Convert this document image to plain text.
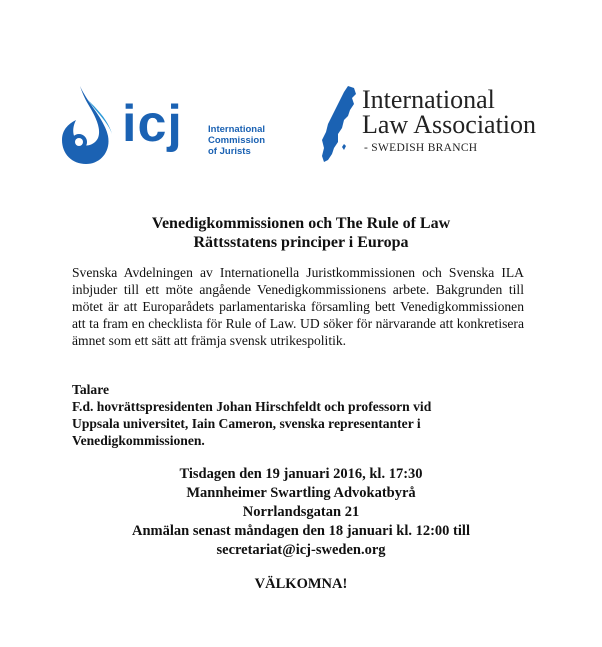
icj	International
Commission
of Jurists
International
Law Association
- SWEDISH BRANCH
Venedigkommissionen och The Rule of Law
Rättsstatens principer i Europa
Svenska Avdelningen av Internationella Juristkommissionen och Svenska ILA inbjuder till ett möte angående Venedigkommissionens arbete. Bakgrunden till mötet är att Europarådets parlamentariska församling bett Venedigkommissionen att ta fram en checklista för Rule of Law. UD söker för närvarande att konkretisera ämnet som ett sätt att främja svensk utrikespolitik.
Talare
F.d. hovrättspresidenten Johan Hirschfeldt och professorn vid
Uppsala universitet, Iain Cameron, svenska representanter i
Venedigkommissionen.
Tisdagen den 19 januari 2016, kl. 17:30
Mannheimer Swartling Advokatbyrå
Norrlandsgatan 21
Anmälan senast måndagen den 18 januari kl. 12:00 till
secretariat@icj-sweden.org
VÄLKOMNA!
